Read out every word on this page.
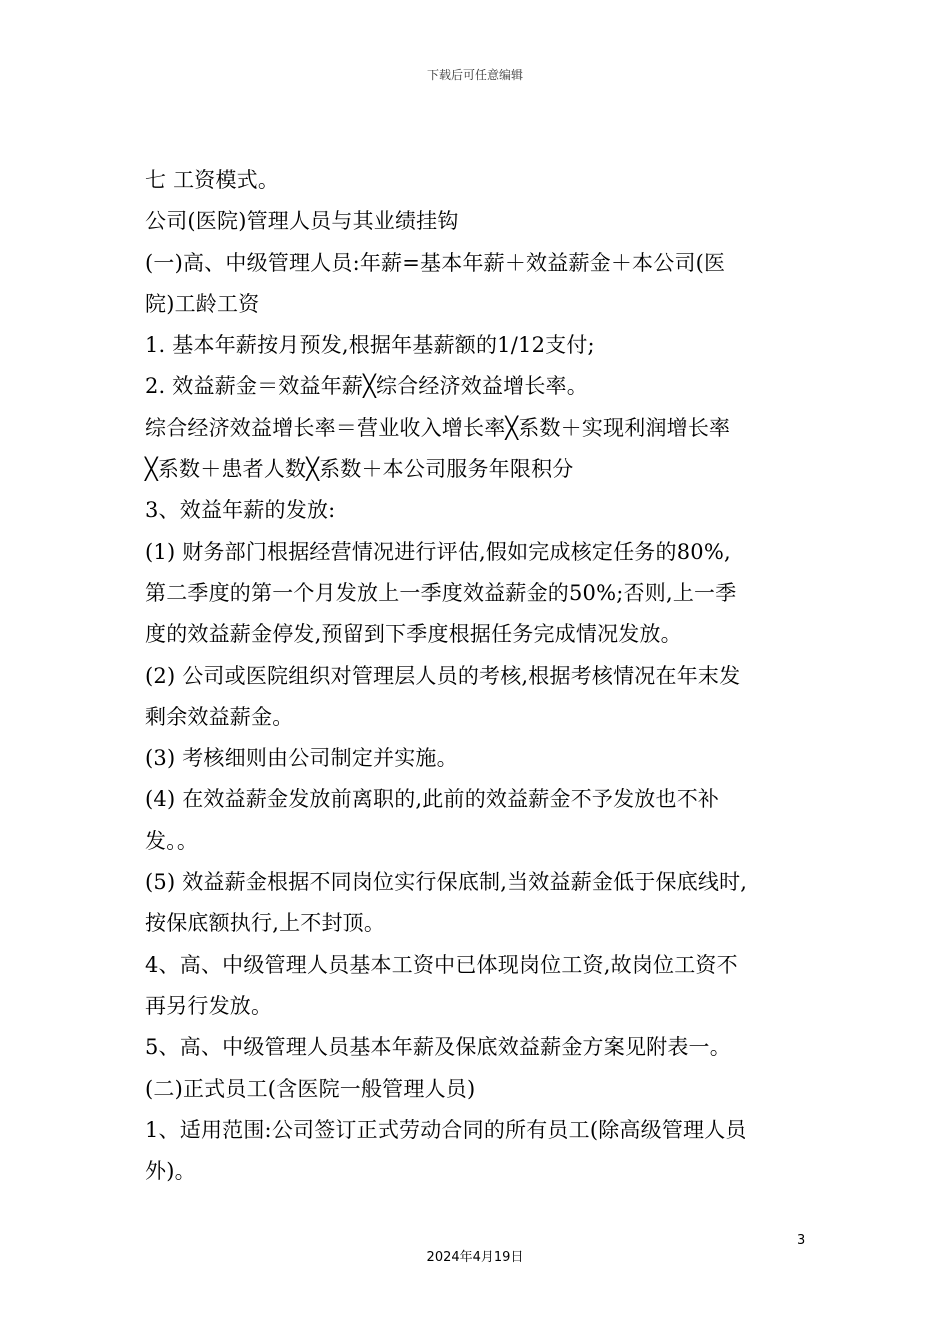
下载后可任意编辑
七 工资模式。
公司(医院)管理人员与其业绩挂钩
(一)高、中级管理人员:年薪=基本年薪＋效益薪金＋本公司(医
院)工龄工资
1. 基本年薪按月预发,根据年基薪额的1/12支付;
2. 效益薪金＝效益年薪╳综合经济效益增长率。
综合经济效益增长率＝营业收入增长率╳系数＋实现利润增长率
╳系数＋患者人数╳系数＋本公司服务年限积分
3、效益年薪的发放:
(1) 财务部门根据经营情况进行评估,假如完成核定任务的80%,
第二季度的第一个月发放上一季度效益薪金的50%;否则,上一季
度的效益薪金停发,预留到下季度根据任务完成情况发放。
(2) 公司或医院组织对管理层人员的考核,根据考核情况在年末发
剩余效益薪金。
(3) 考核细则由公司制定并实施。
(4) 在效益薪金发放前离职的,此前的效益薪金不予发放也不补
发。。
(5) 效益薪金根据不同岗位实行保底制,当效益薪金低于保底线时,
按保底额执行,上不封顶。
4、高、中级管理人员基本工资中已体现岗位工资,故岗位工资不
再另行发放。
5、高、中级管理人员基本年薪及保底效益薪金方案见附表一。
(二)正式员工(含医院一般管理人员)
1、适用范围:公司签订正式劳动合同的所有员工(除高级管理人员
外)。
3
2024年4月19日
